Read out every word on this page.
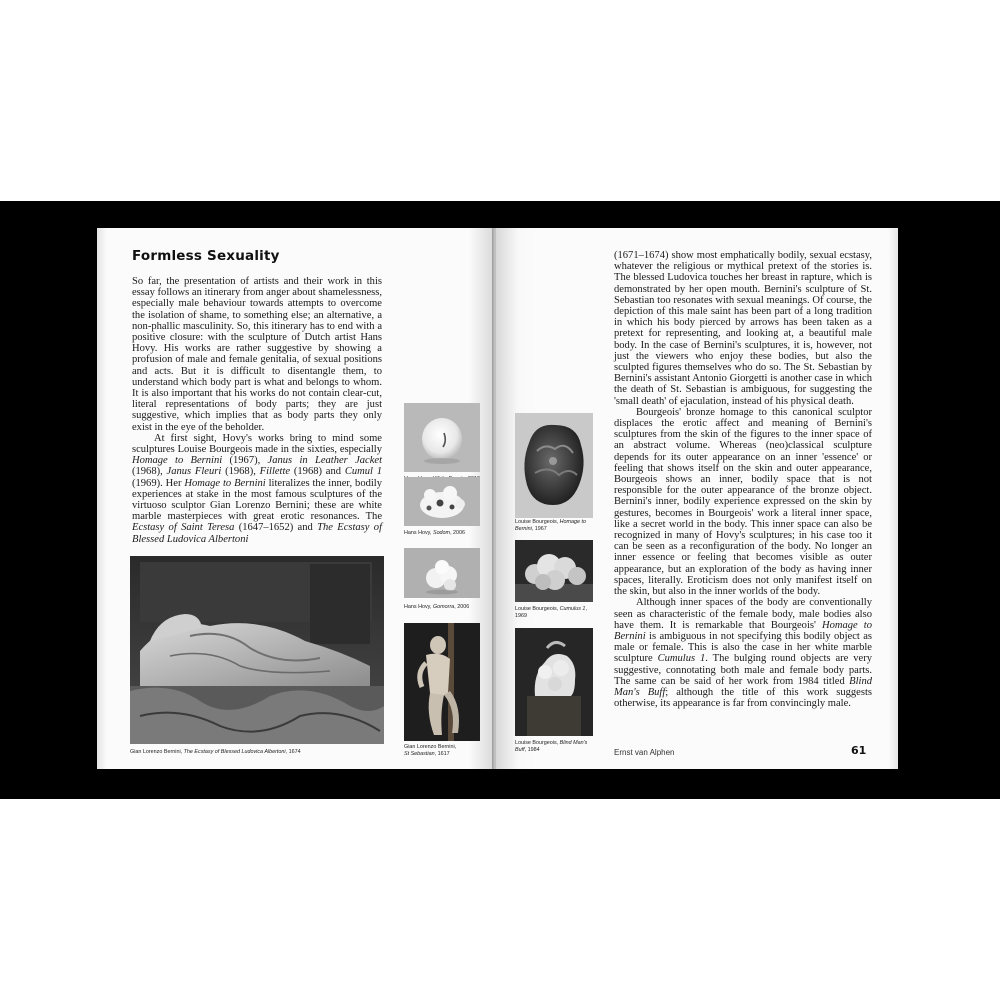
Formless Sexuality

So far, the presentation of artists and their work in this essay follows an itinerary from anger about shamelessness, especially male behaviour towards attempts to overcome the isolation of shame, to something else; an alternative, a non-phallic masculinity. So, this itinerary has to end with a positive closure: with the sculpture of Dutch artist Hans Hovy. His works are rather suggestive by showing a profusion of male and female genitalia, of sexual positions and acts. But it is difficult to disentangle them, to understand which body part is what and belongs to whom. It is also important that his works do not contain clear-cut, literal representations of body parts; they are just suggestive, which implies that as body parts they only exist in the eye of the beholder.

At first sight, Hovy's works bring to mind some sculptures Louise Bourgeois made in the sixties, especially Homage to Bernini (1967), Janus in Leather Jacket (1968), Janus Fleuri (1968), Fillette (1968) and Cumul 1 (1969). Her Homage to Bernini literalizes the inner, bodily experiences at stake in the most famous sculptures of the virtuoso sculptor Gian Lorenzo Bernini; these are white marble masterpieces with great erotic resonances. The Ecstasy of Saint Teresa (1647–1652) and The Ecstasy of Blessed Ludovica Albertoni

Hans Hovy, Sodom, 2006
Hans Hovy, Gomorra, 2006
Gian Lorenzo Bernini, The Ecstasy of Blessed Ludovica Albertoni, 1674
Gian Lorenzo Bernini,
St Sebastian, 1617
Louise Bourgeois, Homage to
Bernini, 1967
Louise Bourgeois, Cumulus 1,
1969
Louise Bourgeois, Blind Man's
Buff, 1984

(1671–1674) show most emphatically bodily, sexual ecstasy, whatever the religious or mythical pretext of the stories is. The blessed Ludovica touches her breast in rapture, which is demonstrated by her open mouth. Bernini's sculpture of St. Sebastian too resonates with sexual meanings. Of course, the depiction of this male saint has been part of a long tradition in which his body pierced by arrows has been taken as a pretext for representing, and looking at, a beautiful male body. In the case of Bernini's sculptures, it is, however, not just the viewers who enjoy these bodies, but also the sculpted figures themselves who do so. The St. Sebastian by Bernini's assistant Antonio Giorgetti is another case in which the death of St. Sebastian is ambiguous, for suggesting the 'small death' of ejaculation, instead of his physical death.

Bourgeois' bronze homage to this canonical sculptor displaces the erotic affect and meaning of Bernini's sculptures from the skin of the figures to the inner space of an abstract volume. Whereas (neo)classical sculpture depends for its outer appearance on an inner 'essence' or feeling that shows itself on the skin and outer appearance, Bourgeois shows an inner, bodily space that is not responsible for the outer appearance of the bronze object. Bernini's inner, bodily experience expressed on the skin by gestures, becomes in Bourgeois' work a literal inner space, like a secret world in the body. This inner space can also be recognized in many of Hovy's sculptures; in his case too it can be seen as a reconfiguration of the body. No longer an inner essence or feeling that becomes visible as outer appearance, but an exploration of the body as having inner spaces, literally. Eroticism does not only manifest itself on the skin, but also in the inner worlds of the body.

Although inner spaces of the body are conventionally seen as characteristic of the female body, male bodies also have them. It is remarkable that Bourgeois' Homage to Bernini is ambiguous in not specifying this bodily object as male or female. This is also the case in her white marble sculpture Cumulus 1. The bulging round objects are very suggestive, connotating both male and female body parts. The same can be said of her work from 1984 titled Blind Man's Buff; although the title of this work suggests otherwise, its appearance is far from convincingly male.

Ernst van Alphen	61
